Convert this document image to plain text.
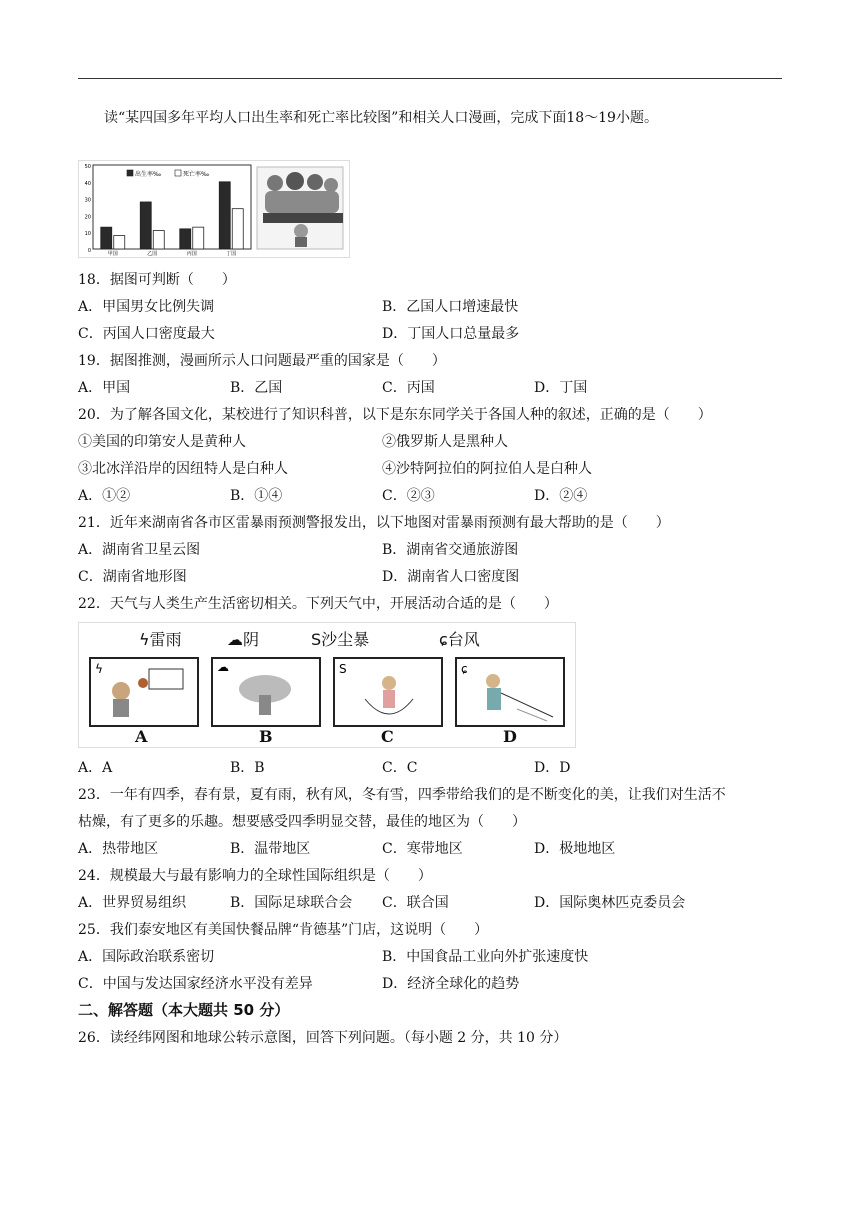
读“某四国多年平均人口出生率和死亡率比较图”和相关人口漫画，完成下面18～19小题。
0
10
20
30
40
50
甲国	乙国	丙国	丁国
出生率‰	死亡率‰
18．据图可判断（　　）
A．甲国男女比例失调	B．乙国人口增速最快
C．丙国人口密度最大	D．丁国人口总量最多
19．据图推测，漫画所示人口问题最严重的国家是（　　）
A．甲国	B．乙国	C．丙国	D．丁国
20．为了解各国文化，某校进行了知识科普，以下是东东同学关于各国人种的叙述，正确的是（　　）
①美国的印第安人是黄种人	②俄罗斯人是黑种人
③北冰洋沿岸的因纽特人是白种人	④沙特阿拉伯的阿拉伯人是白种人
A．①②	B．①④	C．②③	D．②④
21．近年来湖南省各市区雷暴雨预测警报发出，以下地图对雷暴雨预测有最大帮助的是（　　）
A．湖南省卫星云图	B．湖南省交通旅游图
C．湖南省地形图	D．湖南省人口密度图
22．天气与人类生产生活密切相关。下列天气中，开展活动合适的是（　　）
ϟ雷雨	☁阴	S沙尘暴	ɕ台风
ϟ	☁	S	ɕ
A	B	C	D
A．A	B．B	C．C	D．D
23．一年有四季，春有景，夏有雨，秋有风，冬有雪，四季带给我们的是不断变化的美，让我们对生活不
枯燥，有了更多的乐趣。想要感受四季明显交替，最佳的地区为（　　）
A．热带地区	B．温带地区	C．寒带地区	D．极地地区
24．规模最大与最有影响力的全球性国际组织是（　　）
A．世界贸易组织	B．国际足球联合会 C．联合国	D．国际奥林匹克委员会
25．我们泰安地区有美国快餐品牌“肯德基”门店，这说明（　　）
A．国际政治联系密切	B．中国食品工业向外扩张速度快
C．中国与发达国家经济水平没有差异	D．经济全球化的趋势
二、解答题（本大题共 50 分）
26．读经纬网图和地球公转示意图，回答下列问题。（每小题 2 分，共 10 分）
